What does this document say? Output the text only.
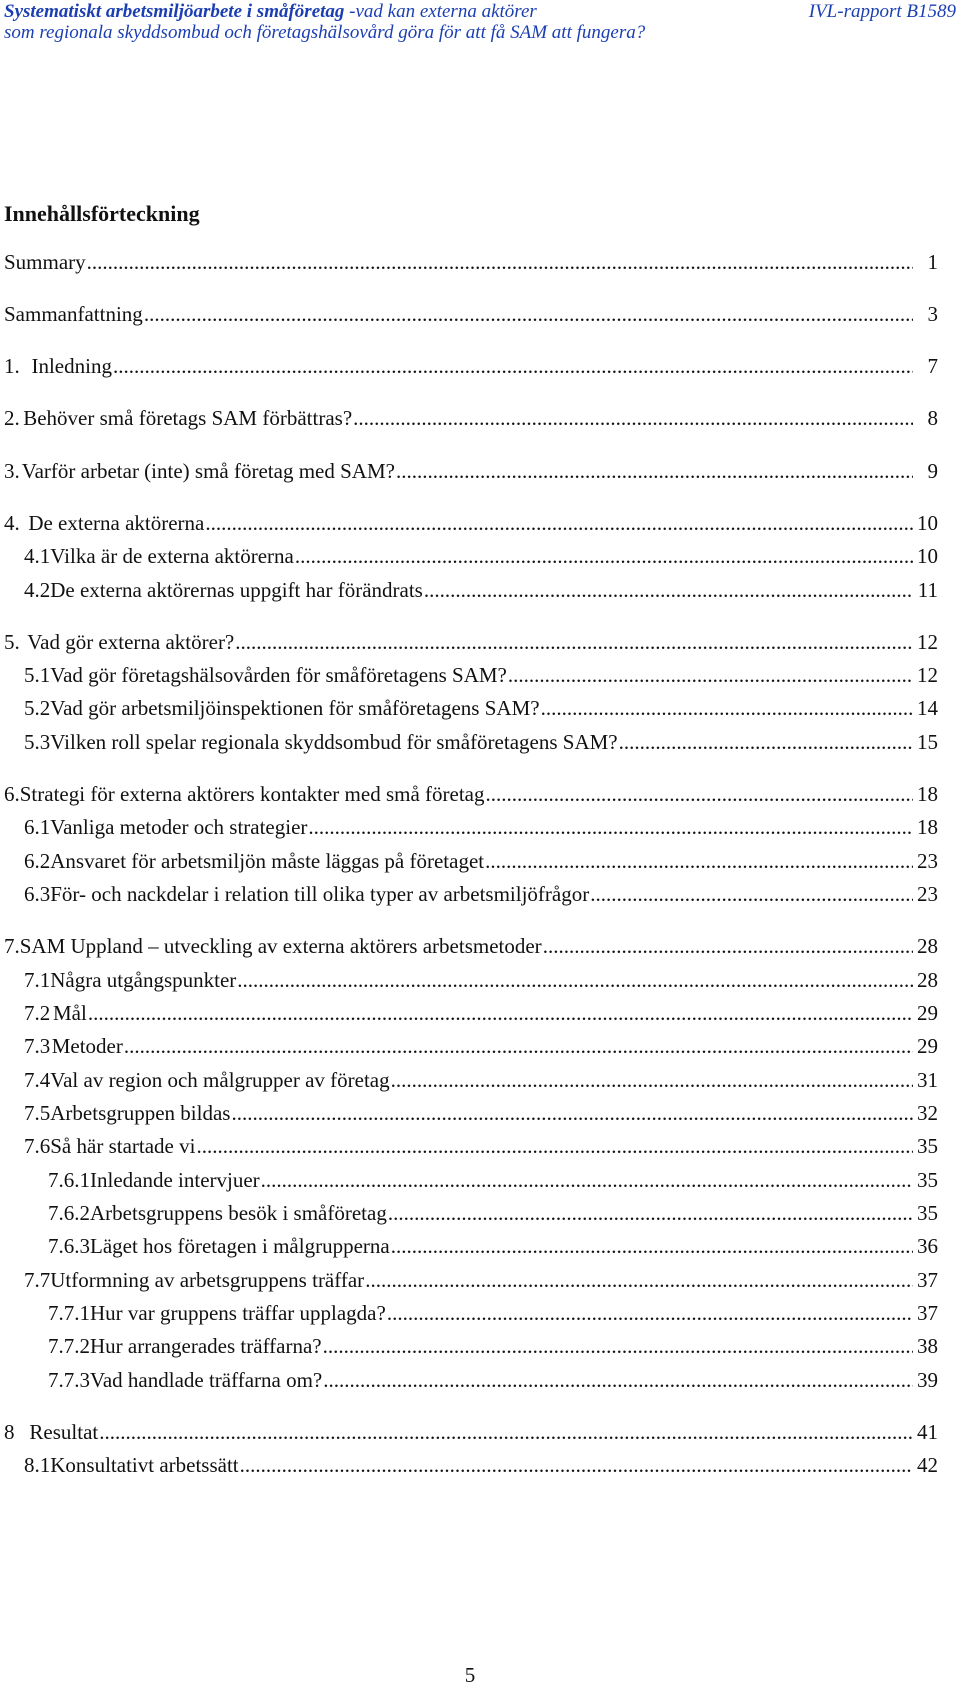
Systematiskt arbetsmiljöarbete i småföretag -vad kan externa aktörer	IVL-rapport B1589
som regionala skyddsombud och företagshälsovård göra för att få SAM att fungera?
Innehållsförteckning
Summary .....	1
Sammanfattning .....	3
1. Inledning .....	7
2. Behöver små företags SAM förbättras? .....	8
3. Varför arbetar (inte) små företag med SAM? .....	9
4. De externa aktörerna .....	10
4.1 Vilka är de externa aktörerna .....	10
4.2 De externa aktörernas uppgift har förändrats .....	11
5. Vad gör externa aktörer? .....	12
5.1 Vad gör företagshälsovården för småföretagens SAM? .....	12
5.2 Vad gör arbetsmiljöinspektionen för småföretagens SAM? .....	14
5.3 Vilken roll spelar regionala skyddsombud för småföretagens SAM? .....	15
6. Strategi för externa aktörers kontakter med små företag .....	18
6.1 Vanliga metoder och strategier .....	18
6.2 Ansvaret för arbetsmiljön måste läggas på företaget .....	23
6.3 För- och nackdelar i relation till olika typer av arbetsmiljöfrågor .....	23
7. SAM Uppland – utveckling av externa aktörers arbetsmetoder .....	28
7.1 Några utgångspunkter .....	28
7.2 Mål .....	29
7.3 Metoder .....	29
7.4 Val av region och målgrupper av företag .....	31
7.5 Arbetsgruppen bildas .....	32
7.6 Så här startade vi .....	35
7.6.1 Inledande intervjuer .....	35
7.6.2 Arbetsgruppens besök i småföretag .....	35
7.6.3 Läget hos företagen i målgrupperna .....	36
7.7 Utformning av arbetsgruppens träffar .....	37
7.7.1 Hur var gruppens träffar upplagda? .....	37
7.7.2 Hur arrangerades träffarna? .....	38
7.7.3 Vad handlade träffarna om? .....	39
8 Resultat .....	41
8.1 Konsultativt arbetssätt .....	42
5
